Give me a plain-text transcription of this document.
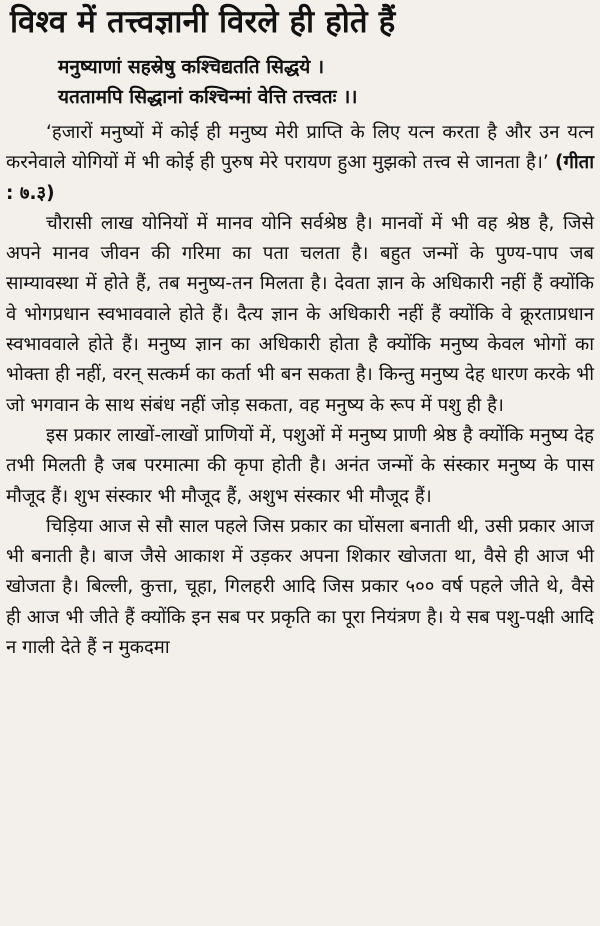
विश्व में तत्त्वज्ञानी विरले ही होते हैं
मनुष्याणां सहस्रेषु कश्चिद्यतति सिद्धये ।
यततामपि सिद्धानां कश्चिन्मां वेत्ति तत्त्वतः ।।

‘हजारों मनुष्यों में कोई ही मनुष्य मेरी प्राप्ति के लिए यत्न करता है और उन यत्न करनेवाले योगियों में भी कोई ही पुरुष मेरे परायण हुआ मुझको तत्त्व से जानता है।’ (गीता : ७.३)

चौरासी लाख योनियों में मानव योनि सर्वश्रेष्ठ है। मानवों में भी वह श्रेष्ठ है, जिसे अपने मानव जीवन की गरिमा का पता चलता है। बहुत जन्मों के पुण्य-पाप जब साम्यावस्था में होते हैं, तब मनुष्य-तन मिलता है। देवता ज्ञान के अधिकारी नहीं हैं क्योंकि वे भोगप्रधान स्वभाववाले होते हैं। दैत्य ज्ञान के अधिकारी नहीं हैं क्योंकि वे क्रूरताप्रधान स्वभाववाले होते हैं। मनुष्य ज्ञान का अधिकारी होता है क्योंकि मनुष्य केवल भोगों का भोक्ता ही नहीं, वरन् सत्कर्म का कर्ता भी बन सकता है। किन्तु मनुष्य देह धारण करके भी जो भगवान के साथ संबंध नहीं जोड़ सकता, वह मनुष्य के रूप में पशु ही है।

इस प्रकार लाखों-लाखों प्राणियों में, पशुओं में मनुष्य प्राणी श्रेष्ठ है क्योंकि मनुष्य देह तभी मिलती है जब परमात्मा की कृपा होती है। अनंत जन्मों के संस्कार मनुष्य के पास मौजूद हैं। शुभ संस्कार भी मौजूद हैं, अशुभ संस्कार भी मौजूद हैं।

चिड़िया आज से सौ साल पहले जिस प्रकार का घोंसला बनाती थी, उसी प्रकार आज भी बनाती है। बाज जैसे आकाश में उड़कर अपना शिकार खोजता था, वैसे ही आज भी खोजता है। बिल्ली, कुत्ता, चूहा, गिलहरी आदि जिस प्रकार ५०० वर्ष पहले जीते थे, वैसे ही आज भी जीते हैं क्योंकि इन सब पर प्रकृति का पूरा नियंत्रण है। ये सब पशु-पक्षी आदि न गाली देते हैं न मुकदमा
